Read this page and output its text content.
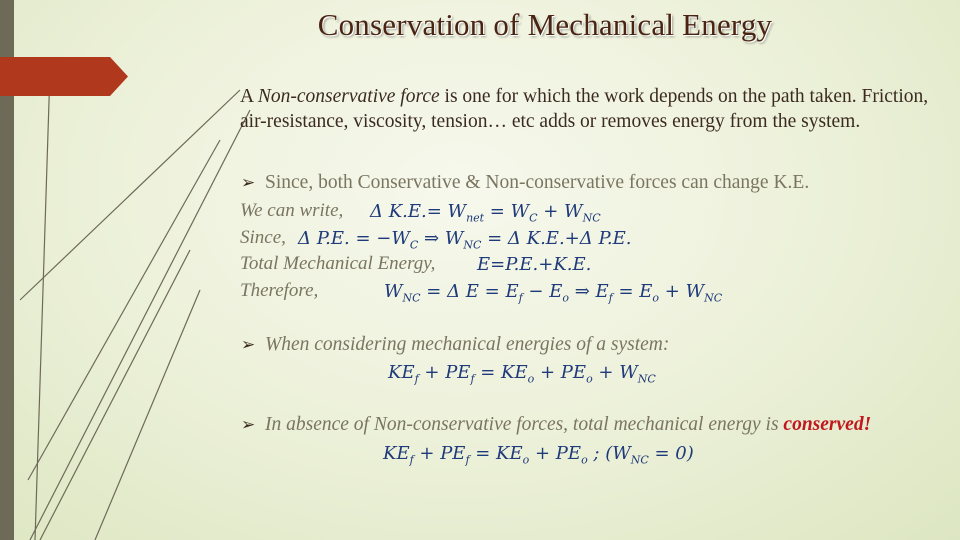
Conservation of Mechanical Energy
A Non-conservative force is one for which the work depends on the path taken. Friction, air-resistance, viscosity, tension… etc adds or removes energy from the system.
➢ Since, both Conservative & Non-conservative forces can change K.E.
We can write, Δ $K.E.= W_{net} = W_C + W_{NC}$
Since, Δ P.E. = $-W_C$ ⇒ $W_{NC} = \Delta$ K.E.+Δ P.E.
Total Mechanical Energy, E=P.E.+K.E.
Therefore,	$W_{NC} = \Delta$ $E = E_f - E_o$ ⇒ $E_f = E_o + W_{NC}$
➢ When considering mechanical energies of a system:
$KE_f + PE_f = KE_o + PE_o + W_{NC}$
➢ In absence of Non-conservative forces, total mechanical energy is conserved!
$KE_f + PE_f = KE_o + PE_o$ ; $(W_{NC} = 0)$
